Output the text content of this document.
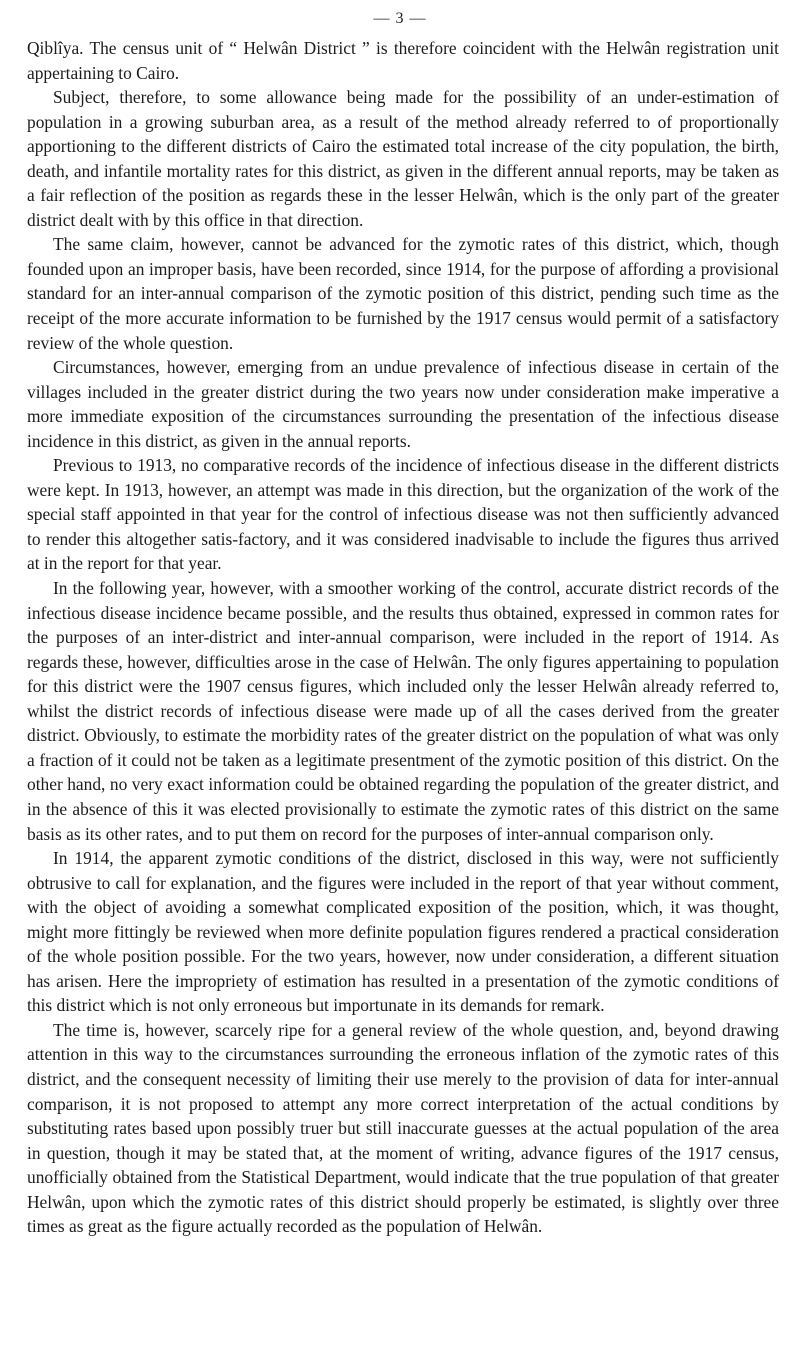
— 3 —

Qiblîya. The census unit of “ Helwân District ” is therefore coincident with the Helwân registration unit appertaining to Cairo.

Subject, therefore, to some allowance being made for the possibility of an under-estimation of population in a growing suburban area, as a result of the method already referred to of proportionally apportioning to the different districts of Cairo the estimated total increase of the city population, the birth, death, and infantile mortality rates for this district, as given in the different annual reports, may be taken as a fair reflection of the position as regards these in the lesser Helwân, which is the only part of the greater district dealt with by this office in that direction.

The same claim, however, cannot be advanced for the zymotic rates of this district, which, though founded upon an improper basis, have been recorded, since 1914, for the purpose of affording a provisional standard for an inter-annual comparison of the zymotic position of this district, pending such time as the receipt of the more accurate information to be furnished by the 1917 census would permit of a satisfactory review of the whole question.

Circumstances, however, emerging from an undue prevalence of infectious disease in certain of the villages included in the greater district during the two years now under consideration make imperative a more immediate exposition of the circumstances surrounding the presentation of the infectious disease incidence in this district, as given in the annual reports.

Previous to 1913, no comparative records of the incidence of infectious disease in the different districts were kept. In 1913, however, an attempt was made in this direction, but the organization of the work of the special staff appointed in that year for the control of infectious disease was not then sufficiently advanced to render this altogether satis-factory, and it was considered inadvisable to include the figures thus arrived at in the report for that year.

In the following year, however, with a smoother working of the control, accurate district records of the infectious disease incidence became possible, and the results thus obtained, expressed in common rates for the purposes of an inter-district and inter-annual comparison, were included in the report of 1914. As regards these, however, difficulties arose in the case of Helwân. The only figures appertaining to population for this district were the 1907 census figures, which included only the lesser Helwân already referred to, whilst the district records of infectious disease were made up of all the cases derived from the greater district. Obviously, to estimate the morbidity rates of the greater district on the population of what was only a fraction of it could not be taken as a legitimate presentment of the zymotic position of this district. On the other hand, no very exact information could be obtained regarding the population of the greater district, and in the absence of this it was elected provisionally to estimate the zymotic rates of this district on the same basis as its other rates, and to put them on record for the purposes of inter-annual comparison only.

In 1914, the apparent zymotic conditions of the district, disclosed in this way, were not sufficiently obtrusive to call for explanation, and the figures were included in the report of that year without comment, with the object of avoiding a somewhat complicated exposition of the position, which, it was thought, might more fittingly be reviewed when more definite population figures rendered a practical consideration of the whole position possible. For the two years, however, now under consideration, a different situation has arisen. Here the impropriety of estimation has resulted in a presentation of the zymotic conditions of this district which is not only erroneous but importunate in its demands for remark.

The time is, however, scarcely ripe for a general review of the whole question, and, beyond drawing attention in this way to the circumstances surrounding the erroneous inflation of the zymotic rates of this district, and the consequent necessity of limiting their use merely to the provision of data for inter-annual comparison, it is not proposed to attempt any more correct interpretation of the actual conditions by substituting rates based upon possibly truer but still inaccurate guesses at the actual population of the area in question, though it may be stated that, at the moment of writing, advance figures of the 1917 census, unofficially obtained from the Statistical Department, would indicate that the true population of that greater Helwân, upon which the zymotic rates of this district should properly be estimated, is slightly over three times as great as the figure actually recorded as the population of Helwân.
